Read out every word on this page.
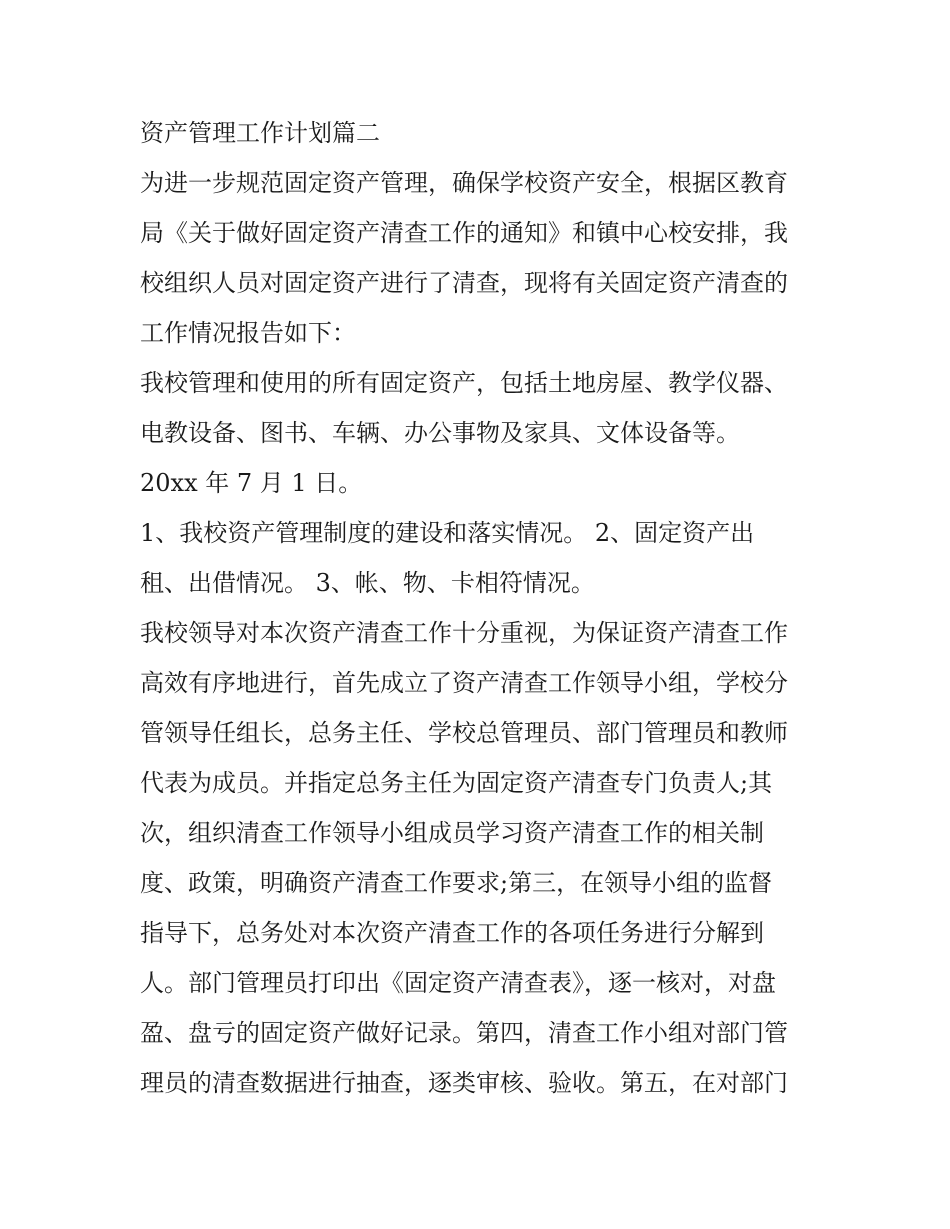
资产管理工作计划篇二
为进一步规范固定资产管理，确保学校资产安全，根据区教育
局《关于做好固定资产清查工作的通知》和镇中心校安排，我
校组织人员对固定资产进行了清查，现将有关固定资产清查的
工作情况报告如下：
我校管理和使用的所有固定资产，包括土地房屋、教学仪器、
电教设备、图书、车辆、办公事物及家具、文体设备等。
20xx 年 7 月 1 日。
1、我校资产管理制度的建设和落实情况。 2、固定资产出
租、出借情况。 3、帐、物、卡相符情况。
我校领导对本次资产清查工作十分重视，为保证资产清查工作
高效有序地进行，首先成立了资产清查工作领导小组，学校分
管领导任组长，总务主任、学校总管理员、部门管理员和教师
代表为成员。并指定总务主任为固定资产清查专门负责人;其
次，组织清查工作领导小组成员学习资产清查工作的相关制
度、政策，明确资产清查工作要求;第三，在领导小组的监督
指导下，总务处对本次资产清查工作的各项任务进行分解到
人。部门管理员打印出《固定资产清查表》，逐一核对，对盘
盈、盘亏的固定资产做好记录。第四，清查工作小组对部门管
理员的清查数据进行抽查，逐类审核、验收。第五，在对部门
